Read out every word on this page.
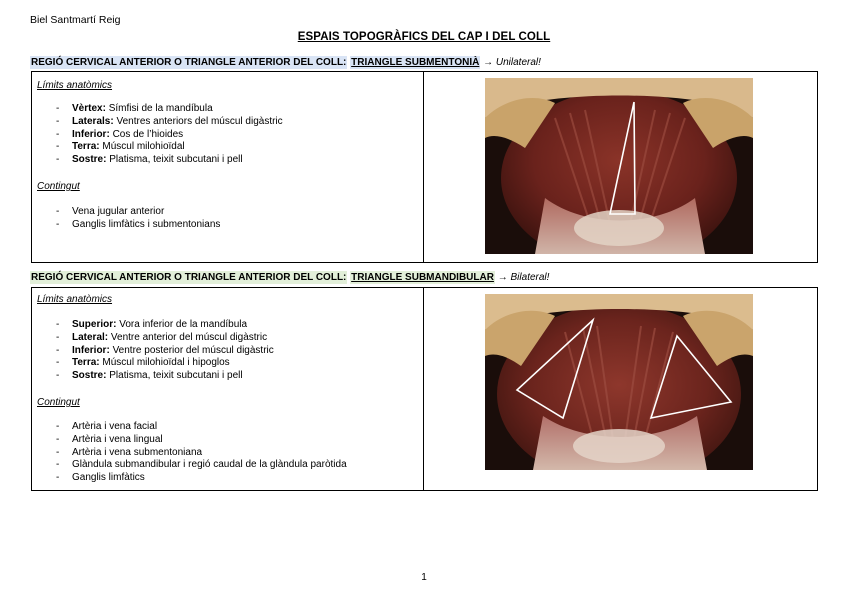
Biel Santmartí Reig
ESPAIS TOPOGRÀFICS DEL CAP I DEL COLL
REGIÓ CERVICAL ANTERIOR O TRIANGLE ANTERIOR DEL COLL: TRIANGLE SUBMENTONIÀ → Unilateral!
Límits anatòmics
- Vèrtex: Símfisi de la mandíbula
- Laterals: Ventres anteriors del múscul digàstric
- Inferior: Cos de l’hioides
- Terra: Múscul milohioïdal
- Sostre: Platisma, teixit subcutani i pell
Contingut
- Vena jugular anterior
- Ganglis limfàtics i submentonians
REGIÓ CERVICAL ANTERIOR O TRIANGLE ANTERIOR DEL COLL: TRIANGLE SUBMANDIBULAR → Bilateral!
Límits anatòmics
- Superior: Vora inferior de la mandíbula
- Lateral: Ventre anterior del múscul digàstric
- Inferior: Ventre posterior del múscul digàstric
- Terra: Múscul milohioïdal i hipoglos
- Sostre: Platisma, teixit subcutani i pell
Contingut
- Artèria i vena facial
- Artèria i vena lingual
- Artèria i vena submentoniana
- Glàndula submandibular i regió caudal de la glàndula paròtida
- Ganglis limfàtics
1
